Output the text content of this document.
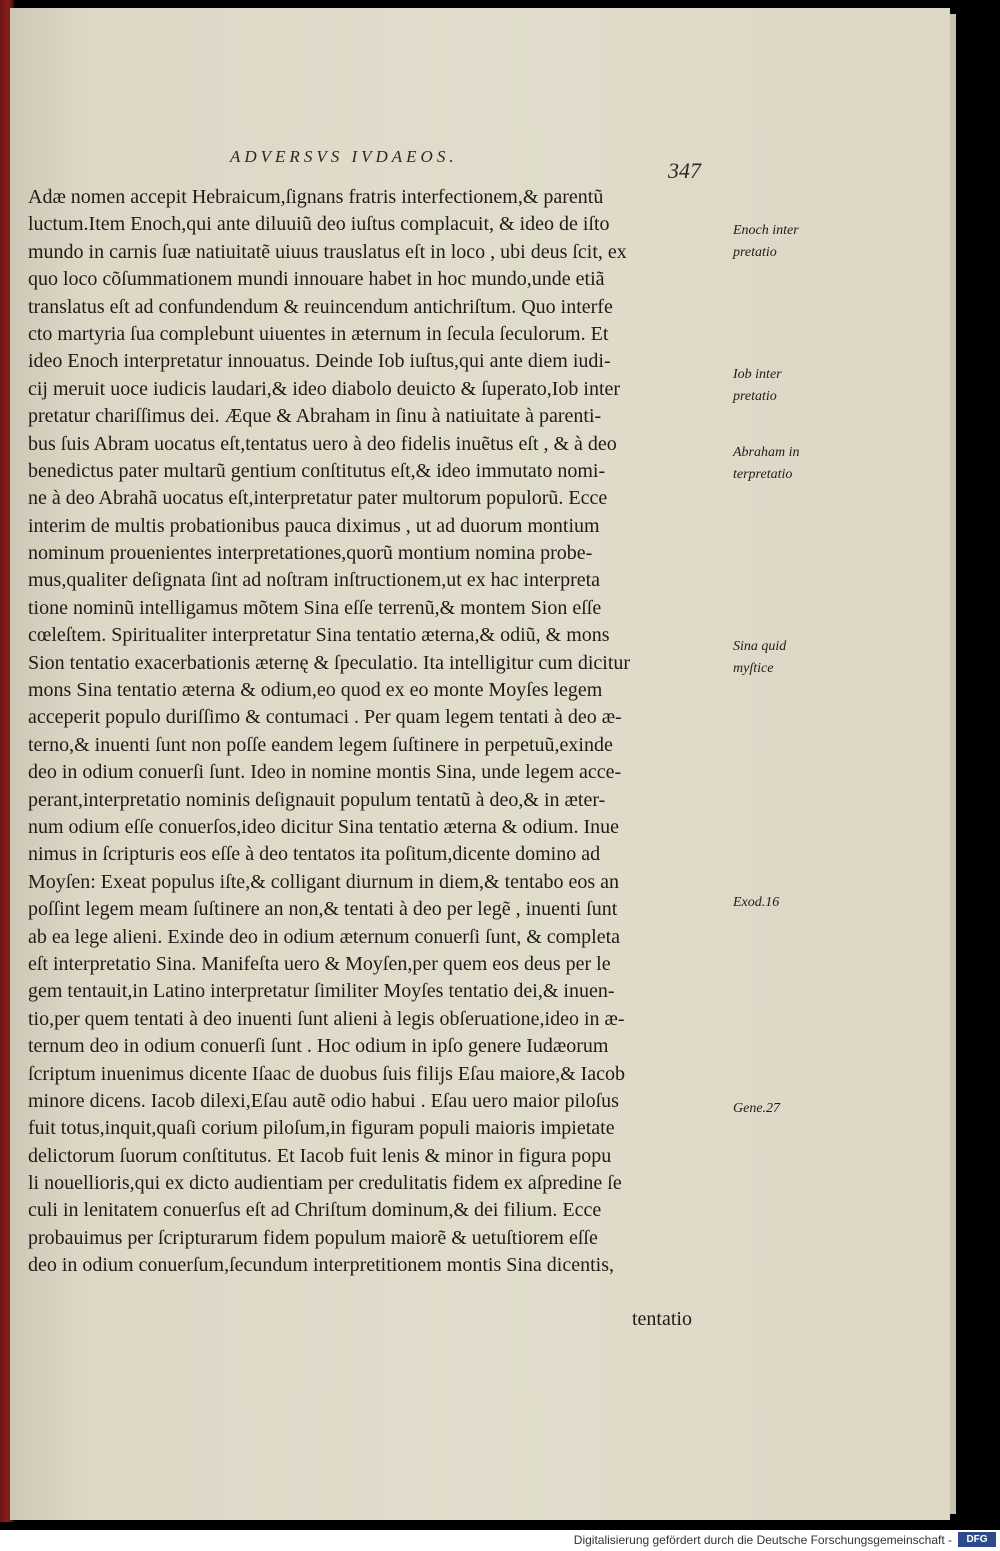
ADVERSVS IVDAEOS.
347
Adæ nomen accepit Hebraicum,ſignans fratris interfectionem,& parentũ
luctum.Item Enoch,qui ante diluuiũ deo iuſtus complacuit, & ideo de iſto
mundo in carnis ſuæ natiuitatẽ uiuus trauslatus eſt in loco , ubi deus ſcit, ex
quo loco cõſummationem mundi innouare habet in hoc mundo,unde etiã
translatus eſt ad confundendum & reuincendum antichriſtum. Quo interfe
cto martyria ſua complebunt uiuentes in æternum in ſecula ſeculorum. Et
ideo Enoch interpretatur innouatus. Deinde Iob iuſtus,qui ante diem iudi-
cij meruit uoce iudicis laudari,& ideo diabolo deuicto & ſuperato,Iob inter
pretatur chariſſimus dei. Æque & Abraham in ſinu à natiuitate à parenti-
bus ſuis Abram uocatus eſt,tentatus uero à deo fidelis inuẽtus eſt , & à deo
benedictus pater multarũ gentium conſtitutus eſt,& ideo immutato nomi-
ne à deo Abrahã uocatus eſt,interpretatur pater multorum populorũ. Ecce
interim de multis probationibus pauca diximus , ut ad duorum montium
nominum prouenientes interpretationes,quorũ montium nomina probe-
mus,qualiter deſignata ſint ad noſtram inſtructionem,ut ex hac interpreta
tione nominũ intelligamus mõtem Sina eſſe terrenũ,& montem Sion eſſe
cœleſtem. Spiritualiter interpretatur Sina tentatio æterna,& odiũ, & mons
Sion tentatio exacerbationis æternę & ſpeculatio. Ita intelligitur cum dicitur
mons Sina tentatio æterna & odium,eo quod ex eo monte Moyſes legem
acceperit populo duriſſimo & contumaci . Per quam legem tentati à deo æ-
terno,& inuenti ſunt non poſſe eandem legem ſuſtinere in perpetuũ,exinde
deo in odium conuerſi ſunt. Ideo in nomine montis Sina, unde legem acce-
perant,interpretatio nominis deſignauit populum tentatũ à deo,& in æter-
num odium eſſe conuerſos,ideo dicitur Sina tentatio æterna & odium. Inue
nimus in ſcripturis eos eſſe à deo tentatos ita poſitum,dicente domino ad
Moyſen: Exeat populus iſte,& colligant diurnum in diem,& tentabo eos an
poſſint legem meam ſuſtinere an non,& tentati à deo per legẽ , inuenti ſunt
ab ea lege alieni. Exinde deo in odium æternum conuerſi ſunt, & completa
eſt interpretatio Sina. Manifeſta uero & Moyſen,per quem eos deus per le
gem tentauit,in Latino interpretatur ſimiliter Moyſes tentatio dei,& inuen-
tio,per quem tentati à deo inuenti ſunt alieni à legis obſeruatione,ideo in æ-
ternum deo in odium conuerſi ſunt . Hoc odium in ipſo genere Iudæorum
ſcriptum inuenimus dicente Iſaac de duobus ſuis filijs Eſau maiore,& Iacob
minore dicens. Iacob dilexi,Eſau autẽ odio habui . Eſau uero maior piloſus
fuit totus,inquit,quaſi corium piloſum,in figuram populi maioris impietate
delictorum ſuorum conſtitutus. Et Iacob fuit lenis & minor in figura popu
li nouellioris,qui ex dicto audientiam per credulitatis fidem ex aſpredine ſe
culi in lenitatem conuerſus eſt ad Chriſtum dominum,& dei filium. Ecce
probauimus per ſcripturarum fidem populum maiorẽ & uetuſtiorem eſſe
deo in odium conuerſum,ſecundum interpretitionem montis Sina dicentis,
tentatio
Enoch inter
pretatio
Iob inter
pretatio
Abraham in
terpretatio
Sina quid
myſtice
Exod.16
Gene.27
Digitalisierung gefördert durch die Deutsche Forschungsgemeinschaft -	DFG
